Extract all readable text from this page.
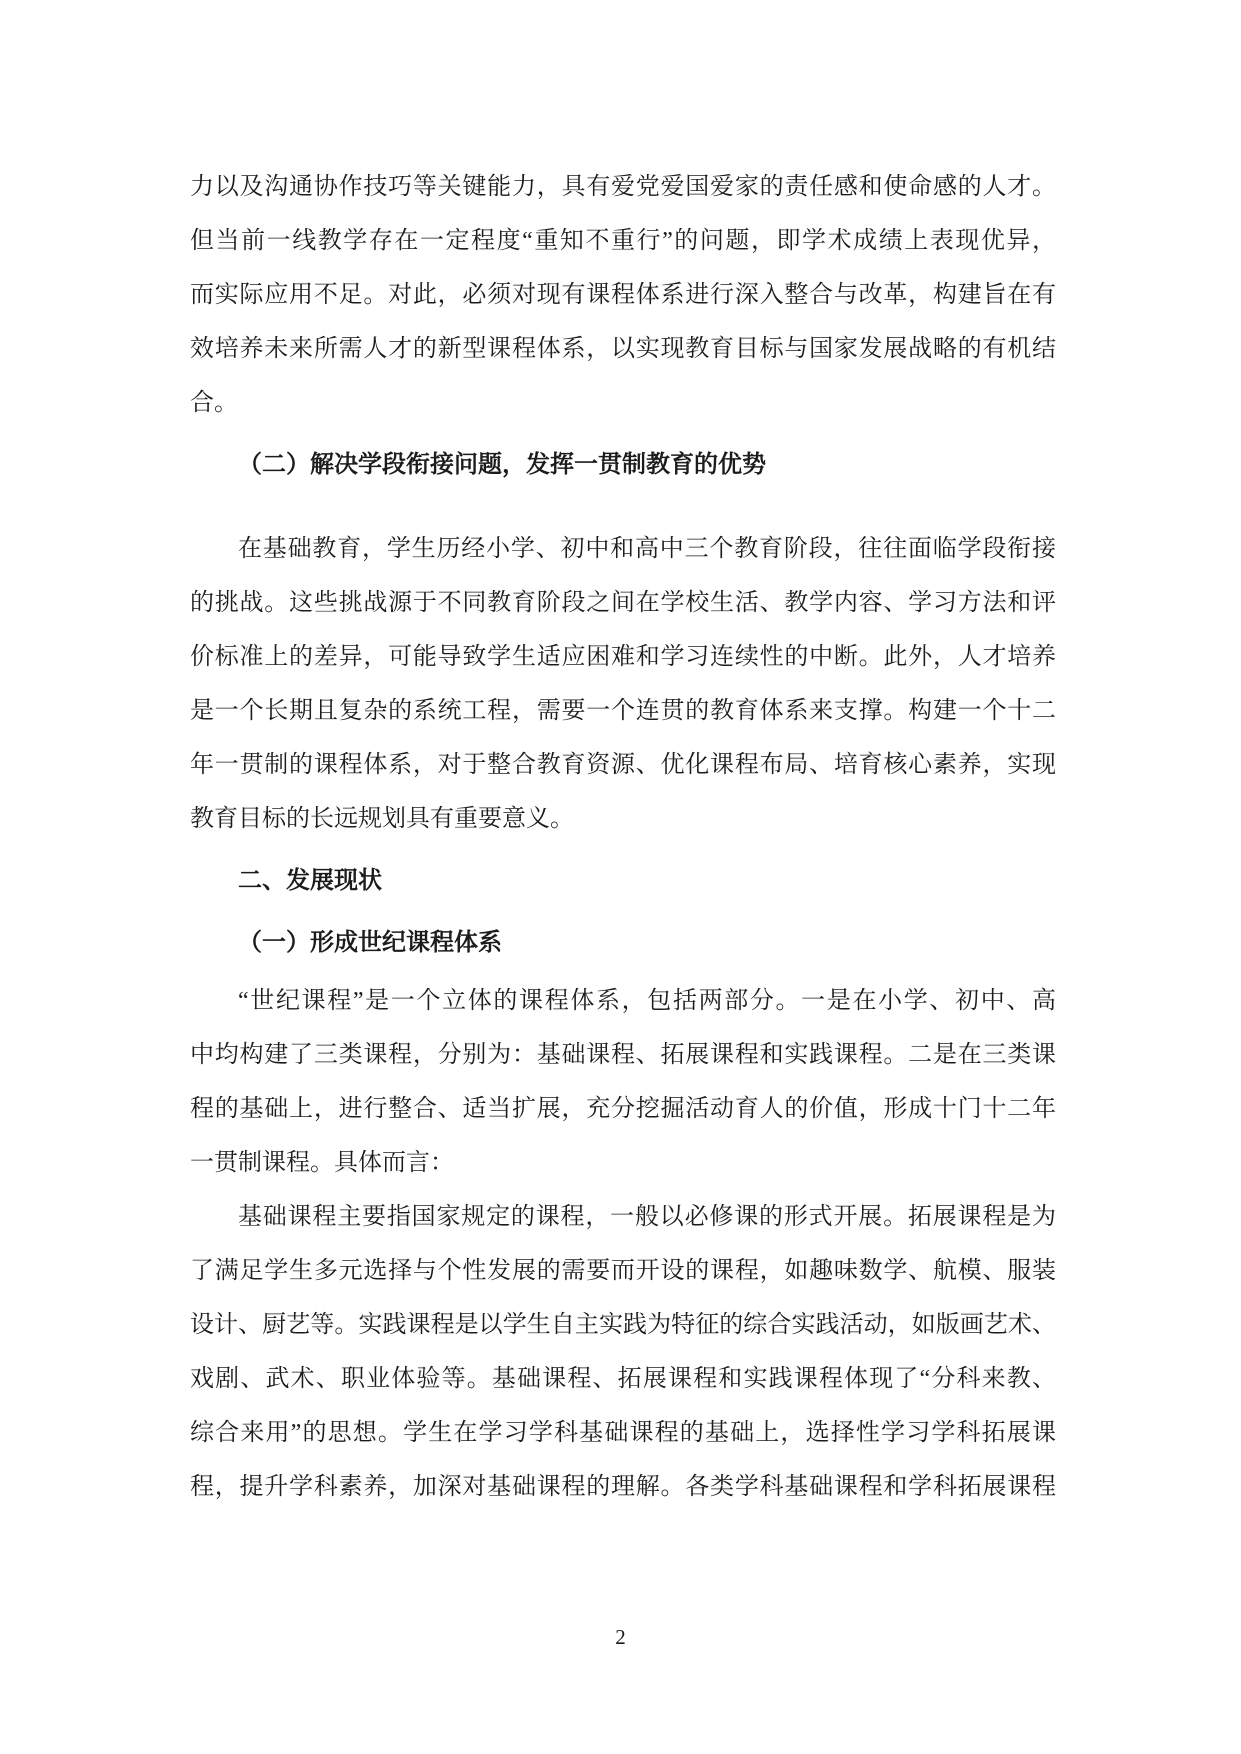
力以及沟通协作技巧等关键能力，具有爱党爱国爱家的责任感和使命感的人才。
但当前一线教学存在一定程度“重知不重行”的问题，即学术成绩上表现优异，
而实际应用不足。对此，必须对现有课程体系进行深入整合与改革，构建旨在有
效培养未来所需人才的新型课程体系，以实现教育目标与国家发展战略的有机结
合。
（二）解决学段衔接问题，发挥一贯制教育的优势
在基础教育，学生历经小学、初中和高中三个教育阶段，往往面临学段衔接
的挑战。这些挑战源于不同教育阶段之间在学校生活、教学内容、学习方法和评
价标准上的差异，可能导致学生适应困难和学习连续性的中断。此外，人才培养
是一个长期且复杂的系统工程，需要一个连贯的教育体系来支撑。构建一个十二
年一贯制的课程体系，对于整合教育资源、优化课程布局、培育核心素养，实现
教育目标的长远规划具有重要意义。
二、发展现状
（一）形成世纪课程体系
“世纪课程”是一个立体的课程体系，包括两部分。一是在小学、初中、高
中均构建了三类课程，分别为：基础课程、拓展课程和实践课程。二是在三类课
程的基础上，进行整合、适当扩展，充分挖掘活动育人的价值，形成十门十二年
一贯制课程。具体而言：
基础课程主要指国家规定的课程，一般以必修课的形式开展。拓展课程是为
了满足学生多元选择与个性发展的需要而开设的课程，如趣味数学、航模、服装
设计、厨艺等。实践课程是以学生自主实践为特征的综合实践活动，如版画艺术、
戏剧、武术、职业体验等。基础课程、拓展课程和实践课程体现了“分科来教、
综合来用”的思想。学生在学习学科基础课程的基础上，选择性学习学科拓展课
程，提升学科素养，加深对基础课程的理解。各类学科基础课程和学科拓展课程
2
